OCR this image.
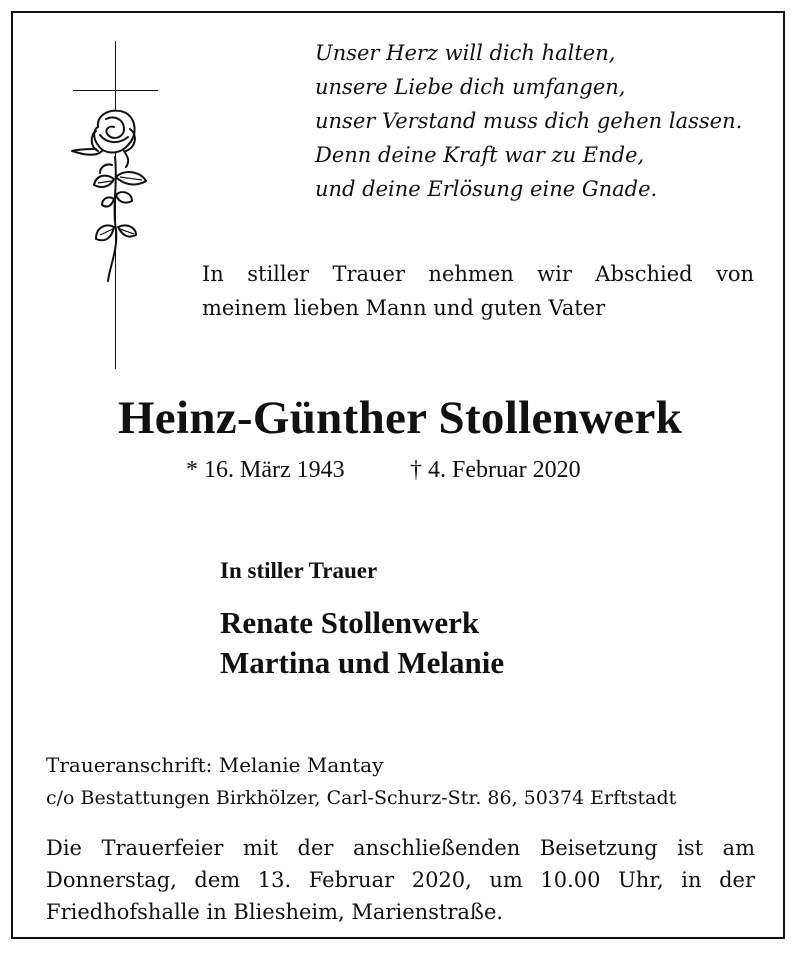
Unser Herz will dich halten,
unsere Liebe dich umfangen,
unser Verstand muss dich gehen lassen.
Denn deine Kraft war zu Ende,
und deine Erlösung eine Gnade.
In stiller Trauer nehmen wir Abschied von
meinem lieben Mann und guten Vater
Heinz-Günther Stollenwerk
* 16. März 1943	† 4. Februar 2020
In stiller Trauer
Renate Stollenwerk
Martina und Melanie
Traueranschrift: Melanie Mantay
c/o Bestattungen Birkhölzer, Carl-Schurz-Str. 86, 50374 Erftstadt
Die Trauerfeier mit der anschließenden Beisetzung ist am
Donnerstag, dem 13. Februar 2020, um 10.00 Uhr, in der
Friedhofshalle in Bliesheim, Marienstraße.
